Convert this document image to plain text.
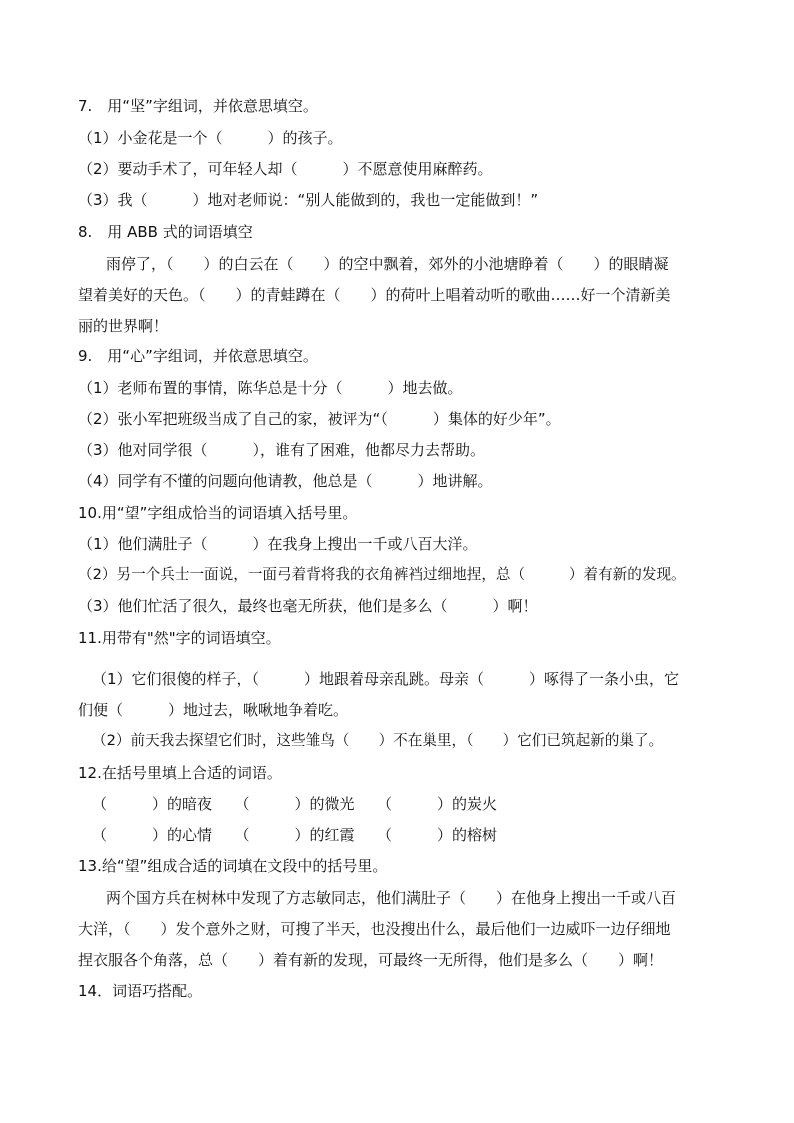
7.　用“坚”字组词，并依意思填空。
（1）小金花是一个（　　　）的孩子。
（2）要动手术了，可年轻人却（　　　）不愿意使用麻醉药。
（3）我（　　　）地对老师说：“别人能做到的，我也一定能做到！”
8.　用 ABB 式的词语填空
雨停了，（　　）的白云在（　　）的空中飘着，郊外的小池塘睁着（　　）的眼睛凝
望着美好的天色。（　　）的青蛙蹲在（　　）的荷叶上唱着动听的歌曲……好一个清新美
丽的世界啊！
9.　用“心”字组词，并依意思填空。
（1）老师布置的事情，陈华总是十分（　　　）地去做。
（2）张小军把班级当成了自己的家，被评为“（　　　）集体的好少年”。
（3）他对同学很（　　　），谁有了困难，他都尽力去帮助。
（4）同学有不懂的问题向他请教，他总是（　　　）地讲解。
10.用“望”字组成恰当的词语填入括号里。
（1）他们满肚子（　　　）在我身上搜出一千或八百大洋。
（2）另一个兵士一面说，一面弓着背将我的衣角裤裆过细地捏，总（　　　）着有新的发现。
（3）他们忙活了很久，最终也毫无所获，他们是多么（　　　）啊！
11.用带有"然"字的词语填空。
（1）它们很傻的样子，（　　　）地跟着母亲乱跳。母亲（　　　）啄得了一条小虫，它
们便（　　　）地过去，啾啾地争着吃。
（2）前天我去探望它们时，这些雏鸟（　　）不在巢里，（　　）它们已筑起新的巢了。
12.在括号里填上合适的词语。
（　　　）的暗夜　　（　　　）的微光　　（　　　）的炭火
（　　　）的心情　　（　　　）的红霞　　（　　　）的榕树
13.给“望”组成合适的词填在文段中的括号里。
两个国方兵在树林中发现了方志敏同志，他们满肚子（　　）在他身上搜出一千或八百
大洋，（　　）发个意外之财，可搜了半天，也没搜出什么，最后他们一边威吓一边仔细地
捏衣服各个角落，总（　　）着有新的发现，可最终一无所得，他们是多么（　　）啊！
14．词语巧搭配。
